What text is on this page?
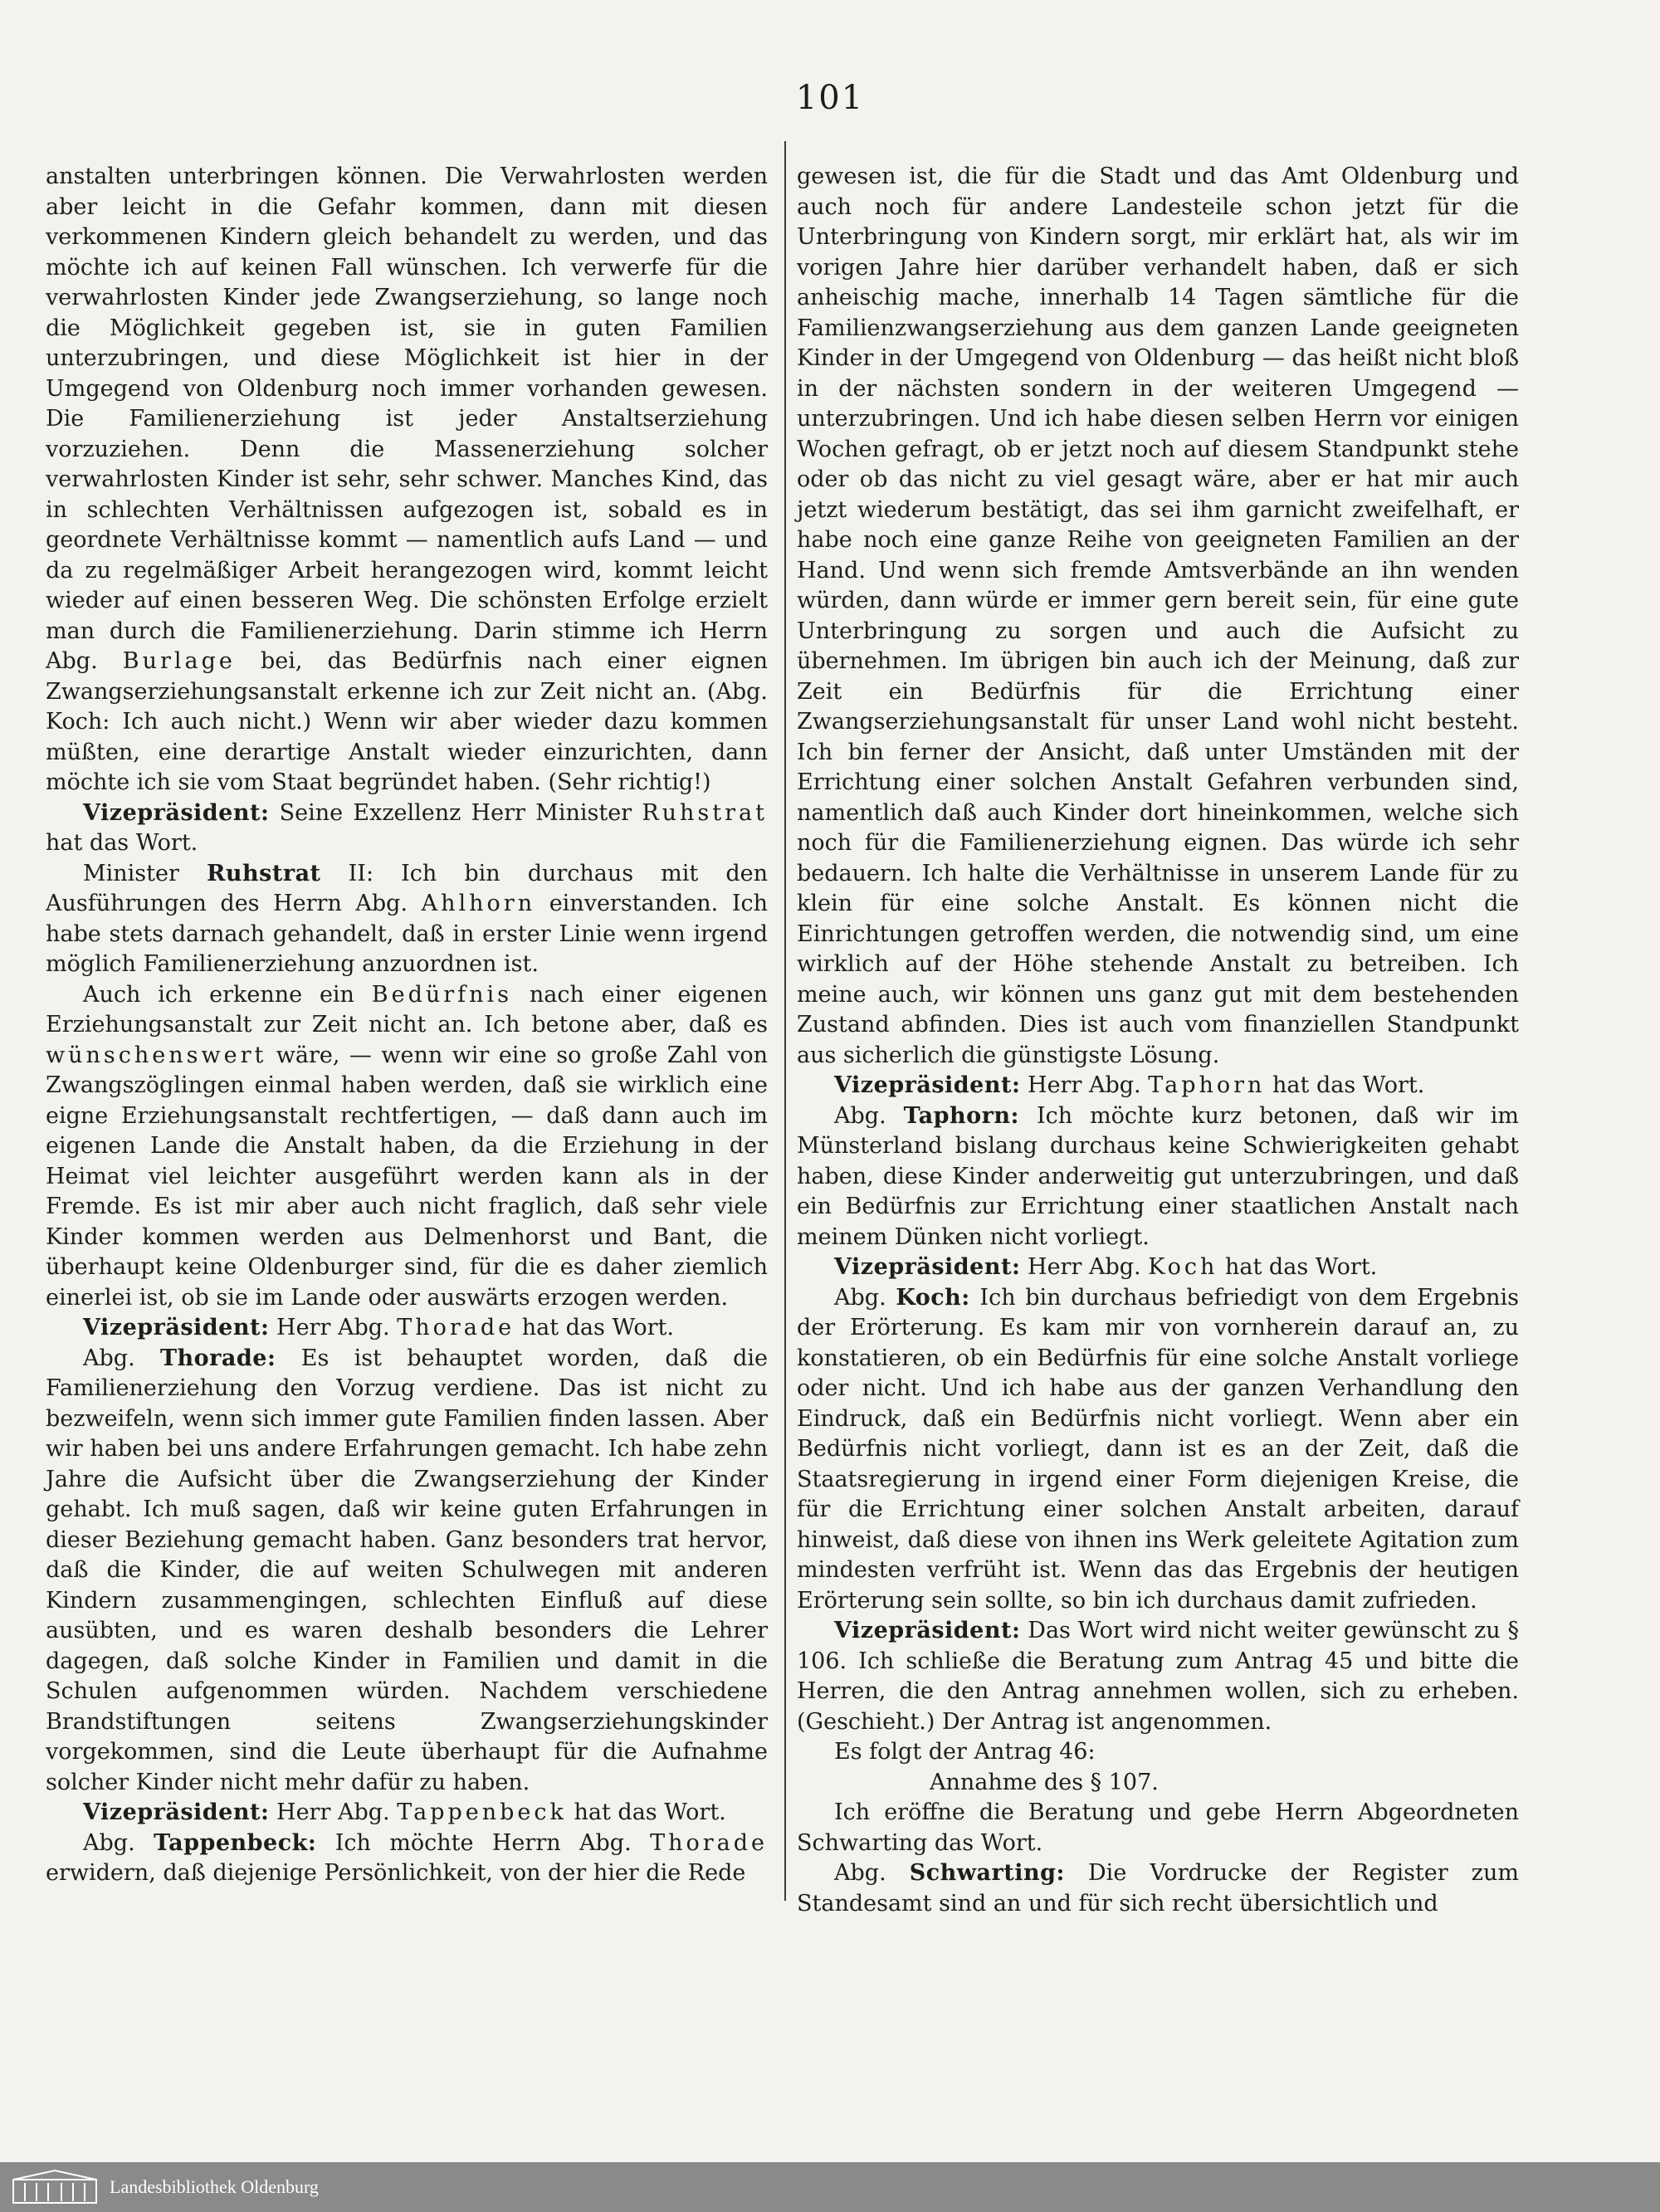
101

anstalten unterbringen können. Die Verwahrlosten werden aber leicht in die Gefahr kommen, dann mit diesen verkommenen Kindern gleich behandelt zu werden, und das möchte ich auf keinen Fall wünschen. Ich verwerfe für die verwahrlosten Kinder jede Zwangserziehung, so lange noch die Möglichkeit gegeben ist, sie in guten Familien unterzubringen, und diese Möglichkeit ist hier in der Umgegend von Oldenburg noch immer vorhanden gewesen. Die Familienerziehung ist jeder Anstaltserziehung vorzuziehen. Denn die Massenerziehung solcher verwahrlosten Kinder ist sehr, sehr schwer. Manches Kind, das in schlechten Verhältnissen aufgezogen ist, sobald es in geordnete Verhältnisse kommt — namentlich aufs Land — und da zu regelmäßiger Arbeit herangezogen wird, kommt leicht wieder auf einen besseren Weg. Die schönsten Erfolge erzielt man durch die Familienerziehung. Darin stimme ich Herrn Abg. Burlage bei, das Bedürfnis nach einer eignen Zwangserziehungsanstalt erkenne ich zur Zeit nicht an. (Abg. Koch: Ich auch nicht.) Wenn wir aber wieder dazu kommen müßten, eine derartige Anstalt wieder einzurichten, dann möchte ich sie vom Staat begründet haben. (Sehr richtig!)

Vizepräsident: Seine Exzellenz Herr Minister Ruhstrat hat das Wort.

Minister Ruhstrat II: Ich bin durchaus mit den Ausführungen des Herrn Abg. Ahlhorn einverstanden. Ich habe stets darnach gehandelt, daß in erster Linie wenn irgend möglich Familienerziehung anzuordnen ist.

Auch ich erkenne ein Bedürfnis nach einer eigenen Erziehungsanstalt zur Zeit nicht an. Ich betone aber, daß es wünschenswert wäre, — wenn wir eine so große Zahl von Zwangszöglingen einmal haben werden, daß sie wirklich eine eigne Erziehungsanstalt rechtfertigen, — daß dann auch im eigenen Lande die Anstalt haben, da die Erziehung in der Heimat viel leichter ausgeführt werden kann als in der Fremde. Es ist mir aber auch nicht fraglich, daß sehr viele Kinder kommen werden aus Delmenhorst und Bant, die überhaupt keine Oldenburger sind, für die es daher ziemlich einerlei ist, ob sie im Lande oder auswärts erzogen werden.

Vizepräsident: Herr Abg. Thorade hat das Wort.

Abg. Thorade: Es ist behauptet worden, daß die Familienerziehung den Vorzug verdiene. Das ist nicht zu bezweifeln, wenn sich immer gute Familien finden lassen. Aber wir haben bei uns andere Erfahrungen gemacht. Ich habe zehn Jahre die Aufsicht über die Zwangserziehung der Kinder gehabt. Ich muß sagen, daß wir keine guten Erfahrungen in dieser Beziehung gemacht haben. Ganz besonders trat hervor, daß die Kinder, die auf weiten Schulwegen mit anderen Kindern zusammengingen, schlechten Einfluß auf diese ausübten, und es waren deshalb besonders die Lehrer dagegen, daß solche Kinder in Familien und damit in die Schulen aufgenommen würden. Nachdem verschiedene Brandstiftungen seitens Zwangserziehungskinder vorgekommen, sind die Leute überhaupt für die Aufnahme solcher Kinder nicht mehr dafür zu haben.

Vizepräsident: Herr Abg. Tappenbeck hat das Wort.

Abg. Tappenbeck: Ich möchte Herrn Abg. Thorade erwidern, daß diejenige Persönlichkeit, von der hier die Rede

gewesen ist, die für die Stadt und das Amt Oldenburg und auch noch für andere Landesteile schon jetzt für die Unterbringung von Kindern sorgt, mir erklärt hat, als wir im vorigen Jahre hier darüber verhandelt haben, daß er sich anheischig mache, innerhalb 14 Tagen sämtliche für die Familienzwangserziehung aus dem ganzen Lande geeigneten Kinder in der Umgegend von Oldenburg — das heißt nicht bloß in der nächsten sondern in der weiteren Umgegend — unterzubringen. Und ich habe diesen selben Herrn vor einigen Wochen gefragt, ob er jetzt noch auf diesem Standpunkt stehe oder ob das nicht zu viel gesagt wäre, aber er hat mir auch jetzt wiederum bestätigt, das sei ihm garnicht zweifelhaft, er habe noch eine ganze Reihe von geeigneten Familien an der Hand. Und wenn sich fremde Amtsverbände an ihn wenden würden, dann würde er immer gern bereit sein, für eine gute Unterbringung zu sorgen und auch die Aufsicht zu übernehmen. Im übrigen bin auch ich der Meinung, daß zur Zeit ein Bedürfnis für die Errichtung einer Zwangserziehungsanstalt für unser Land wohl nicht besteht. Ich bin ferner der Ansicht, daß unter Umständen mit der Errichtung einer solchen Anstalt Gefahren verbunden sind, namentlich daß auch Kinder dort hineinkommen, welche sich noch für die Familienerziehung eignen. Das würde ich sehr bedauern. Ich halte die Verhältnisse in unserem Lande für zu klein für eine solche Anstalt. Es können nicht die Einrichtungen getroffen werden, die notwendig sind, um eine wirklich auf der Höhe stehende Anstalt zu betreiben. Ich meine auch, wir können uns ganz gut mit dem bestehenden Zustand abfinden. Dies ist auch vom finanziellen Standpunkt aus sicherlich die günstigste Lösung.

Vizepräsident: Herr Abg. Taphorn hat das Wort.

Abg. Taphorn: Ich möchte kurz betonen, daß wir im Münsterland bislang durchaus keine Schwierigkeiten gehabt haben, diese Kinder anderweitig gut unterzubringen, und daß ein Bedürfnis zur Errichtung einer staatlichen Anstalt nach meinem Dünken nicht vorliegt.

Vizepräsident: Herr Abg. Koch hat das Wort.

Abg. Koch: Ich bin durchaus befriedigt von dem Ergebnis der Erörterung. Es kam mir von vornherein darauf an, zu konstatieren, ob ein Bedürfnis für eine solche Anstalt vorliege oder nicht. Und ich habe aus der ganzen Verhandlung den Eindruck, daß ein Bedürfnis nicht vorliegt. Wenn aber ein Bedürfnis nicht vorliegt, dann ist es an der Zeit, daß die Staatsregierung in irgend einer Form diejenigen Kreise, die für die Errichtung einer solchen Anstalt arbeiten, darauf hinweist, daß diese von ihnen ins Werk geleitete Agitation zum mindesten verfrüht ist. Wenn das das Ergebnis der heutigen Erörterung sein sollte, so bin ich durchaus damit zufrieden.

Vizepräsident: Das Wort wird nicht weiter gewünscht zu § 106. Ich schließe die Beratung zum Antrag 45 und bitte die Herren, die den Antrag annehmen wollen, sich zu erheben. (Geschieht.) Der Antrag ist angenommen.

Es folgt der Antrag 46:

Annahme des § 107.

Ich eröffne die Beratung und gebe Herrn Abgeordneten Schwarting das Wort.

Abg. Schwarting: Die Vordrucke der Register zum Standesamt sind an und für sich recht übersichtlich und

Landesbibliothek Oldenburg
